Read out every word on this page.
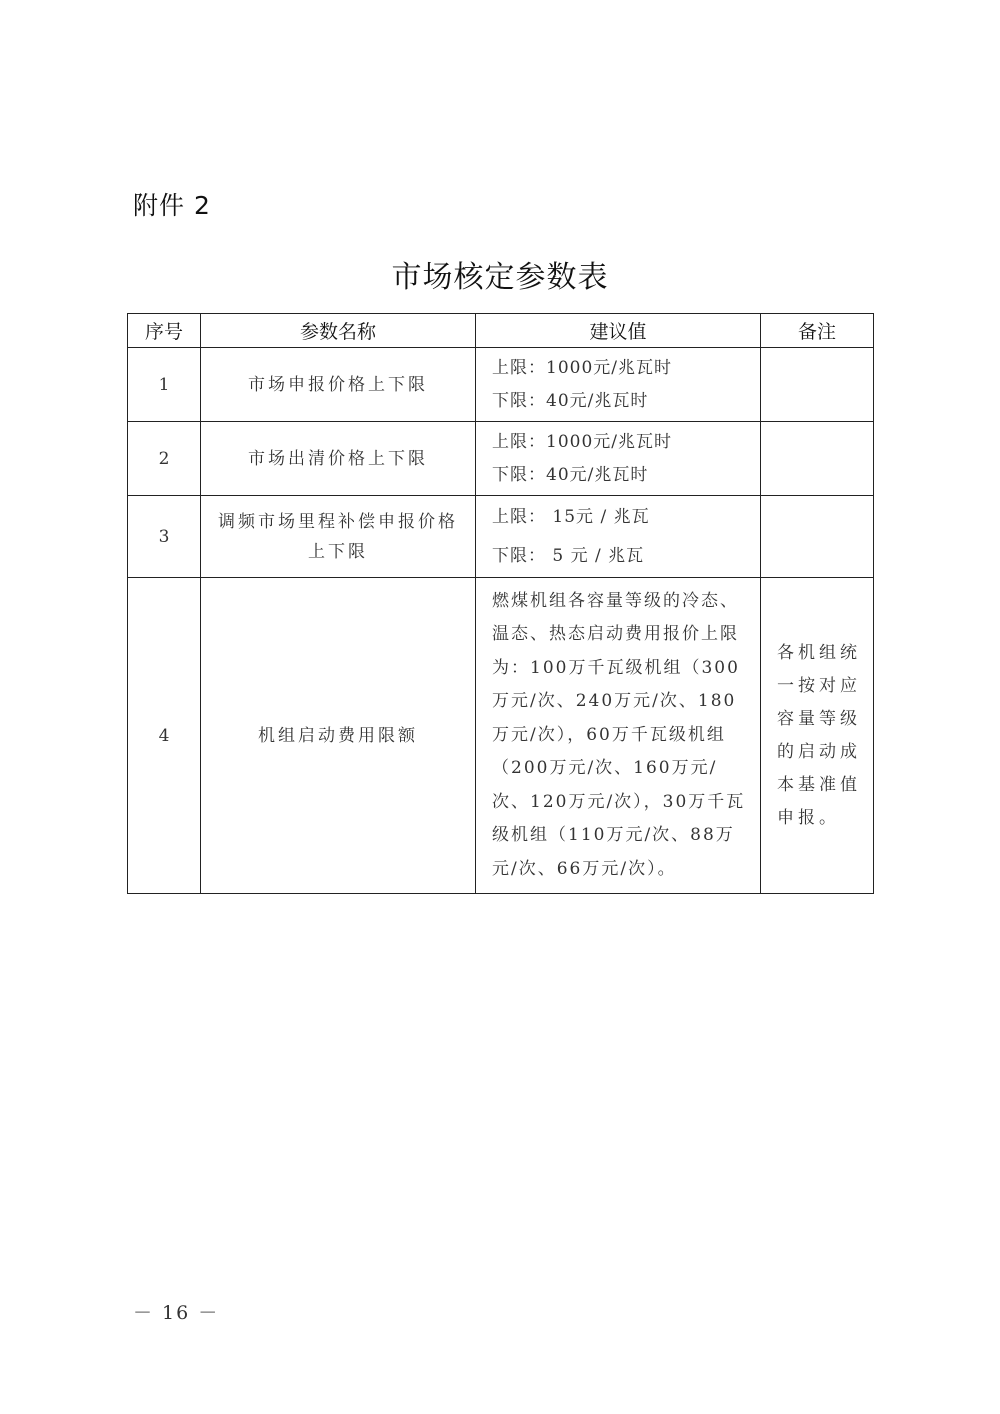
附件 2
市场核定参数表
序号	参数名称	建议值	备注
1	市场申报价格上下限	上限：1000元/兆瓦时
下限：40元/兆瓦时	

2	市场出清价格上下限	上限：1000元/兆瓦时
下限：40元/兆瓦时	

3	调频市场里程补偿申报价格上下限	上限： 15元 / 兆瓦
下限： 5 元 / 兆瓦	

4	机组启动费用限额	燃煤机组各容量等级的冷态、温态、热态启动费用报价上限为：100万千瓦级机组（300万元/次、240万元/次、180万元/次），60万千瓦级机组（200万元/次、160万元/次、120万元/次），30万千瓦级机组（110万元/次、88万元/次、66万元/次）。	各机组统一按对应容量等级的启动成本基准值申报。
－ 16 －
